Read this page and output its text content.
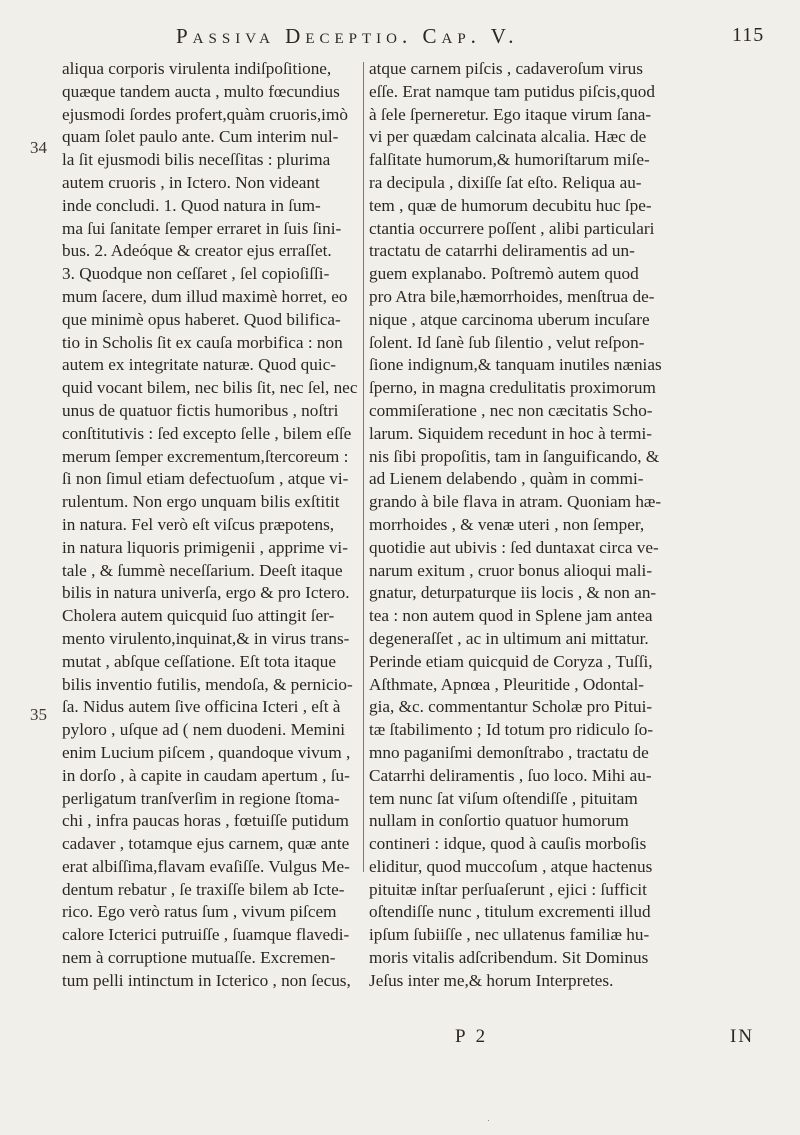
Passiva Deceptio. Cap. V.	115
34
35
aliqua corporis virulenta indiſpoſitione,
quæque tandem aucta , multo fœcundius
ejusmodi ſordes profert,quàm cruoris,imò
quam ſolet paulo ante. Cum interim nul-
la ſit ejusmodi bilis neceſſitas : plurima
autem cruoris , in Ictero. Non videant
inde concludi. 1. Quod natura in ſum-
ma ſui ſanitate ſemper erraret in ſuis ſini-
bus. 2. Adeóque & creator ejus erraſſet.
3. Quodque non ceſſaret , ſel copioſiſſi-
mum ſacere, dum illud maximè horret, eo
que minimè opus haberet. Quod bilifica-
tio in Scholis ſit ex cauſa morbifica : non
autem ex integritate naturæ. Quod quic-
quid vocant bilem, nec bilis ſit, nec ſel, nec
unus de quatuor fictis humoribus , noſtri
conſtitutivis : ſed excepto ſelle , bilem eſſe
merum ſemper excrementum,ſtercoreum :
ſi non ſimul etiam defectuoſum , atque vi-
rulentum. Non ergo unquam bilis exſtitit
in natura. Fel verò eſt viſcus præpotens,
in natura liquoris primigenii , apprime vi-
tale , & ſummè neceſſarium. Deeſt itaque
bilis in natura univerſa, ergo & pro Ictero.
Cholera autem quicquid ſuo attingit ſer-
mento virulento,inquinat,& in virus trans-
mutat , abſque ceſſatione. Eſt tota itaque
bilis inventio futilis, mendoſa, & pernicio-
ſa. Nidus autem ſive officina Icteri , eſt à
pyloro , uſque ad ( nem duodeni. Memini
enim Lucium piſcem , quandoque vivum ,
in dorſo , à capite in caudam apertum , ſu-
perligatum tranſverſim in regione ſtoma-
chi , infra paucas horas , fœtuiſſe putidum
cadaver , totamque ejus carnem, quæ ante
erat albiſſima,flavam evaſiſſe. Vulgus Me-
dentum rebatur , ſe traxiſſe bilem ab Icte-
rico. Ego verò ratus ſum , vivum piſcem
calore Icterici putruiſſe , ſuamque flavedi-
nem à corruptione mutuaſſe. Excremen-
tum pelli intinctum in Icterico , non ſecus,
atque carnem piſcis , cadaveroſum virus
eſſe. Erat namque tam putidus piſcis,quod
à ſele ſperneretur. Ego itaque virum ſana-
vi per quædam calcinata alcalia. Hæc de
falſitate humorum,& humoriſtarum miſe-
ra decipula , dixiſſe ſat eſto. Reliqua au-
tem , quæ de humorum decubitu huc ſpe-
ctantia occurrere poſſent , alibi particulari
tractatu de catarrhi deliramentis ad un-
guem explanabo. Poſtremò autem quod
pro Atra bile,hæmorrhoides, menſtrua de-
nique , atque carcinoma uberum incuſare
ſolent. Id ſanè ſub ſilentio , velut reſpon-
ſione indignum,& tanquam inutiles nænias
ſperno, in magna credulitatis proximorum
commiſeratione , nec non cæcitatis Scho-
larum. Siquidem recedunt in hoc à termi-
nis ſibi propoſitis, tam in ſanguificando, &
ad Lienem delabendo , quàm in commi-
grando à bile flava in atram. Quoniam hæ-
morrhoides , & venæ uteri , non ſemper,
quotidie aut ubivis : ſed duntaxat circa ve-
narum exitum , cruor bonus alioqui mali-
gnatur, deturpaturque iis locis , & non an-
tea : non autem quod in Splene jam antea
degeneraſſet , ac in ultimum ani mittatur.
Perinde etiam quicquid de Coryza , Tuſſi,
Aſthmate, Apnœa , Pleuritide , Odontal-
gia, &c. commentantur Scholæ pro Pitui-
tæ ſtabilimento ; Id totum pro ridiculo ſo-
mno paganiſmi demonſtrabo , tractatu de
Catarrhi deliramentis , ſuo loco. Mihi au-
tem nunc ſat viſum oſtendiſſe , pituitam
nullam in conſortio quatuor humorum
contineri : idque, quod à cauſis morboſis
eliditur, quod muccoſum , atque hactenus
pituitæ inſtar perſuaſerunt , ejici : ſufficit
oſtendiſſe nunc , titulum excrementi illud
ipſum ſubiiſſe , nec ullatenus familiæ hu-
moris vitalis adſcribendum. Sit Dominus
Jeſus inter me,& horum Interpretes.
P 2	IN
